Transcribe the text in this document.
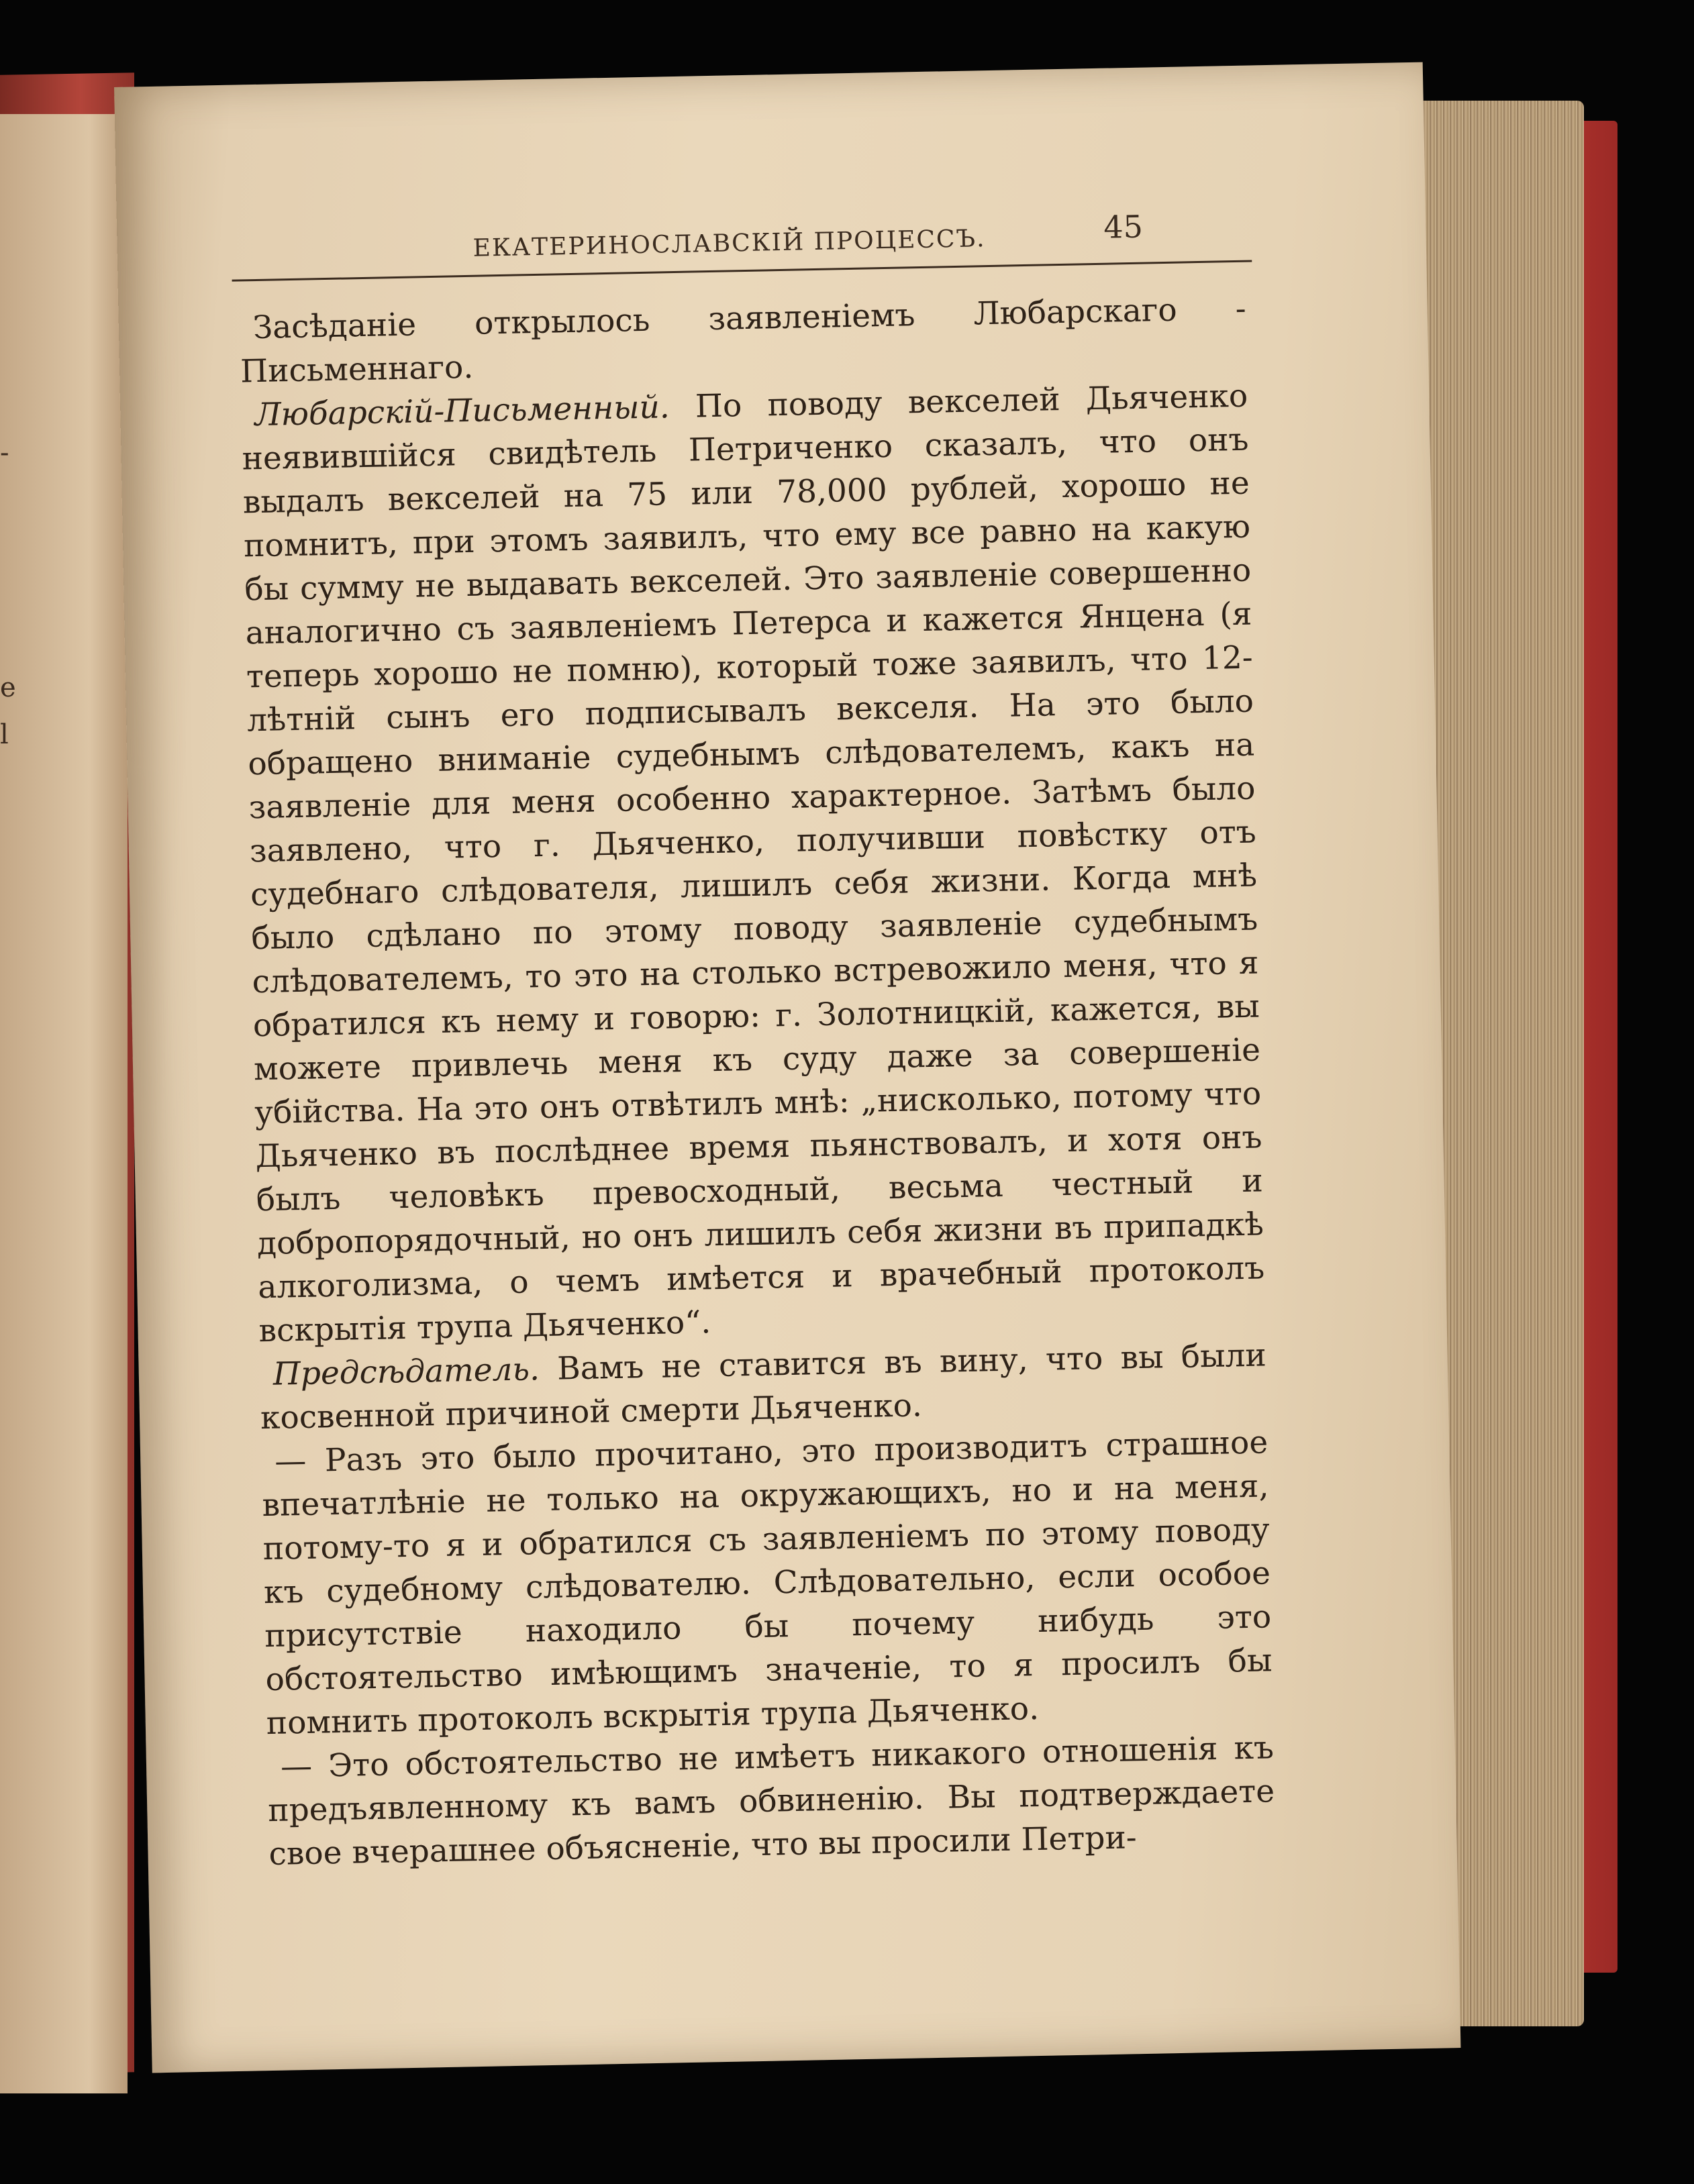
-
e
l
ЕКАТЕРИНОСЛАВСКІЙ ПРОЦЕССЪ.	45

Засѣданіе открылось заявленіемъ Любарскаго - Письменнаго.

Любарскій-Письменный. По поводу векселей Дьяченко неявившійся свидѣтель Петриченко сказалъ, что онъ выдалъ векселей на 75 или 78,000 рублей, хорошо не помнитъ, при этомъ заявилъ, что ему все равно на какую бы сумму не выдавать векселей. Это заявленіе совершенно аналогично съ заявленіемъ Петерса и кажется Янцена (я теперь хорошо не помню), который тоже заявилъ, что 12-лѣтній сынъ его подписывалъ векселя. На это было обращено вниманіе судебнымъ слѣдователемъ, какъ на заявленіе для меня особенно характерное. Затѣмъ было заявлено, что г. Дьяченко, получивши повѣстку отъ судебнаго слѣдователя, лишилъ себя жизни. Когда мнѣ было сдѣлано по этому поводу заявленіе судебнымъ слѣдователемъ, то это на столько встревожило меня, что я обратился къ нему и говорю: г. Золотницкій, кажется, вы можете привлечь меня къ суду даже за совершеніе убійства. На это онъ отвѣтилъ мнѣ: „нисколько, потому что Дьяченко въ послѣднее время пьянствовалъ, и хотя онъ былъ человѣкъ превосходный, весьма честный и добропорядочный, но онъ лишилъ себя жизни въ припадкѣ алкоголизма, о чемъ имѣется и врачебный протоколъ вскрытія трупа Дьяченко“.

Предсѣдатель. Вамъ не ставится въ вину, что вы были косвенной причиной смерти Дьяченко.

— Разъ это было прочитано, это производитъ страшное впечатлѣніе не только на окружающихъ, но и на меня, потому-то я и обратился съ заявленіемъ по этому поводу къ судебному слѣдователю. Слѣдовательно, если особое присутствіе находило бы почему нибудь это обстоятельство имѣющимъ значеніе, то я просилъ бы помнить протоколъ вскрытія трупа Дьяченко.

— Это обстоятельство не имѣетъ никакого отношенія къ предъявленному къ вамъ обвиненію. Вы подтверждаете свое вчерашнее объясненіе, что вы просили Петри-
